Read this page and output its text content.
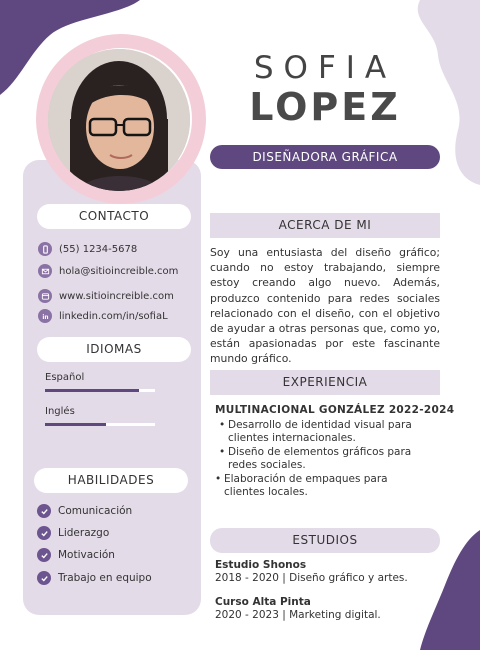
SOFIA
LOPEZ
DISEÑADORA GRÁFICA
CONTACTO
(55) 1234-5678
hola@sitioincreible.com
www.sitioincreible.com
in linkedin.com/in/sofiaL
IDIOMAS
Español
Inglés
HABILIDADES
Comunicación
Liderazgo
Motivación
Trabajo en equipo
ACERCA DE MI
Soy una entusiasta del diseño gráfico; cuando no estoy trabajando, siempre estoy creando algo nuevo. Además, produzco contenido para redes sociales relacionado con el diseño, con el objetivo de ayudar a otras personas que, como yo, están apasionadas por este fascinante mundo gráfico.
EXPERIENCIA
MULTINACIONAL GONZÁLEZ 2022-2024
• Desarrollo de identidad visual para clientes internacionales.
• Diseño de elementos gráficos para redes sociales.
• Elaboración de empaques para clientes locales.
ESTUDIOS
Estudio Shonos
2018 - 2020 | Diseño gráfico y artes.
Curso Alta Pinta
2020 - 2023 | Marketing digital.
